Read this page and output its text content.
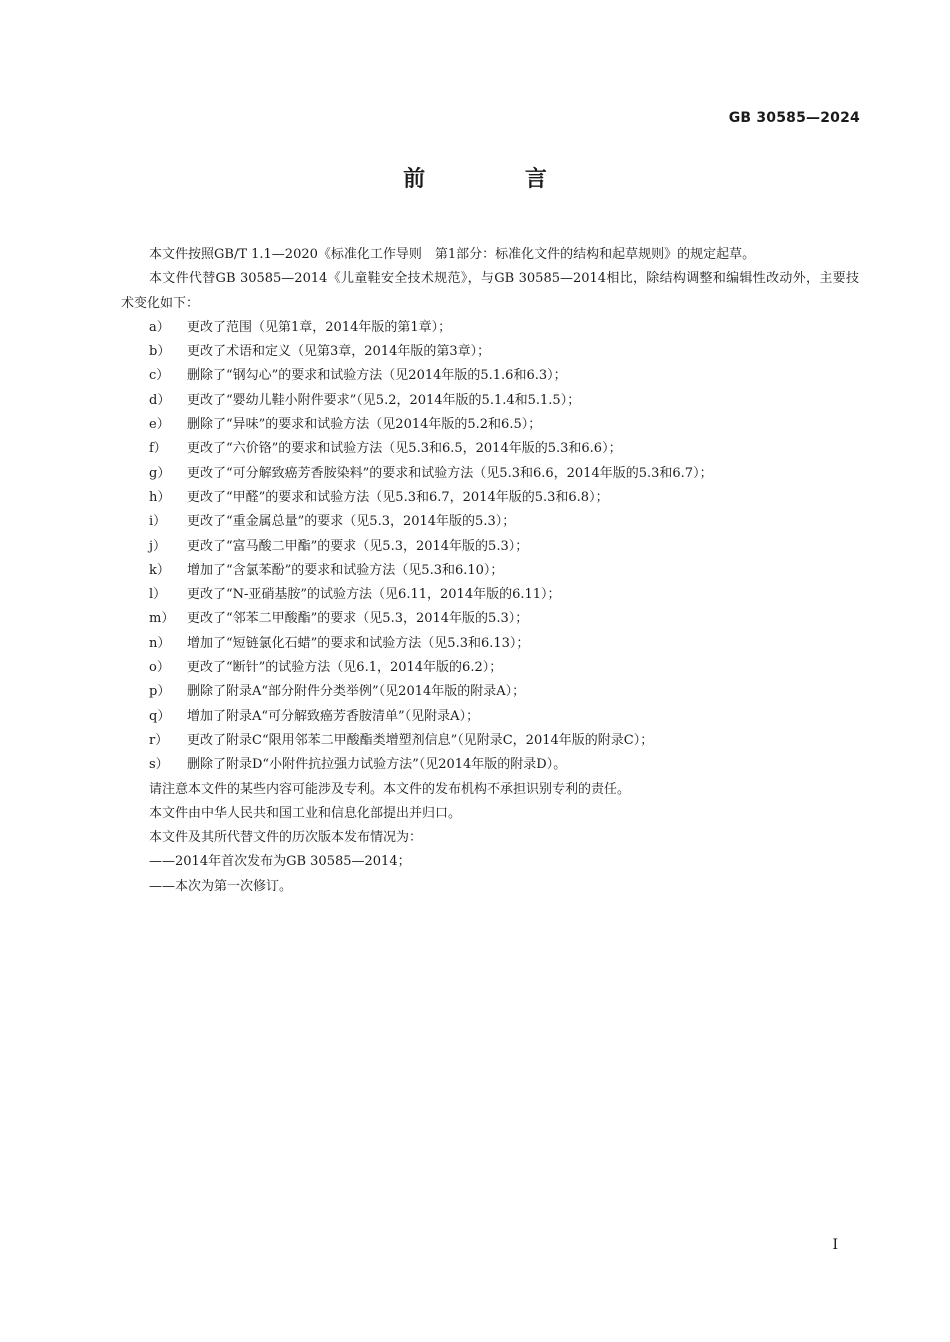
GB 30585—2024
前 言

本文件按照GB/T 1.1—2020《标准化工作导则　第1部分：标准化文件的结构和起草规则》的规定起草。

本文件代替GB 30585—2014《儿童鞋安全技术规范》，与GB 30585—2014相比，除结构调整和编辑性改动外，主要技术变化如下：

a）	更改了范围（见第1章，2014年版的第1章）；
b）	更改了术语和定义（见第3章，2014年版的第3章）；
c）	删除了“钢勾心”的要求和试验方法（见2014年版的5.1.6和6.3）；
d）	更改了“婴幼儿鞋小附件要求”（见5.2，2014年版的5.1.4和5.1.5）；
e）	删除了“异味”的要求和试验方法（见2014年版的5.2和6.5）；
f）	更改了“六价铬”的要求和试验方法（见5.3和6.5，2014年版的5.3和6.6）；
g）	更改了“可分解致癌芳香胺染料”的要求和试验方法（见5.3和6.6，2014年版的5.3和6.7）；
h）	更改了“甲醛”的要求和试验方法（见5.3和6.7，2014年版的5.3和6.8）；
i）	更改了“重金属总量”的要求（见5.3，2014年版的5.3）；
j）	更改了“富马酸二甲酯”的要求（见5.3，2014年版的5.3）；
k）	增加了“含氯苯酚”的要求和试验方法（见5.3和6.10）；
l）	更改了“N-亚硝基胺”的试验方法（见6.11，2014年版的6.11）；
m） 更改了“邻苯二甲酸酯”的要求（见5.3，2014年版的5.3）；
n）	增加了“短链氯化石蜡”的要求和试验方法（见5.3和6.13）；
o）	更改了“断针”的试验方法（见6.1，2014年版的6.2）；
p）	删除了附录A“部分附件分类举例”（见2014年版的附录A）；
q）	增加了附录A“可分解致癌芳香胺清单”（见附录A）；
r）	更改了附录C“限用邻苯二甲酸酯类增塑剂信息”（见附录C，2014年版的附录C）；
s）	删除了附录D“小附件抗拉强力试验方法”（见2014年版的附录D）。

请注意本文件的某些内容可能涉及专利。本文件的发布机构不承担识别专利的责任。

本文件由中华人民共和国工业和信息化部提出并归口。

本文件及其所代替文件的历次版本发布情况为：

——2014年首次发布为GB 30585—2014；

——本次为第一次修订。

Ⅰ
